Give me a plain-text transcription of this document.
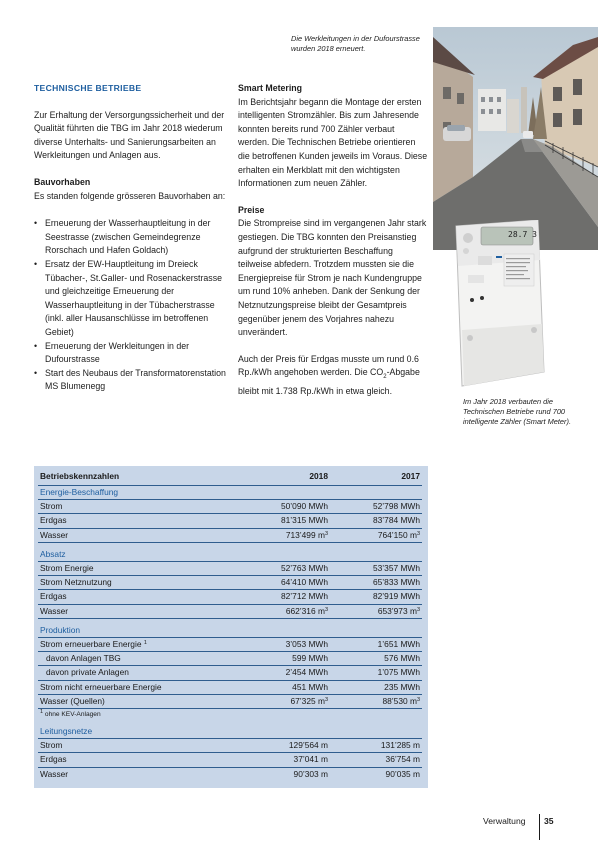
Die Werkleitungen in der Dufourstrasse wurden 2018 erneuert.
28.7 3
Im Jahr 2018 verbauten die Technischen Betriebe rund 700 intelligente Zähler (Smart Meter).
TECHNISCHE BETRIEBE

Zur Erhaltung der Versorgungssicherheit und der Qualität führten die TBG im Jahr 2018 wiederum diverse Unterhalts- und Sanierungsarbeiten an Werkleitungen und Anlagen aus.

Bauvorhaben

Es standen folgende grösseren Bauvorhaben an:

• Erneuerung der Wasserhauptleitung in der Seestrasse (zwischen Gemeindegrenze Rorschach und Hafen Goldach)
• Ersatz der EW-Hauptleitung im Dreieck Tübacher-, St.Galler- und Rosenackerstrasse und gleichzeitige Erneuerung der Wasserhauptleitung in der Tübacherstrasse (inkl. aller Hausanschlüsse im betroffenen Gebiet)
• Erneuerung der Werkleitungen in der Dufourstrasse
• Start des Neubaus der Transformatorenstation MS Blumenegg
Smart Metering

Im Berichtsjahr begann die Montage der ersten intelligenten Stromzähler. Bis zum Jahresende konnten bereits rund 700 Zähler verbaut werden. Die Technischen Betriebe orientieren die betroffenen Kunden jeweils im Voraus. Diese erhalten ein Merkblatt mit den wichtigsten Informationen zum neuen Zähler.

Preise

Die Strompreise sind im vergangenen Jahr stark gestiegen. Die TBG konnten den Preisanstieg aufgrund der strukturierten Beschaffung teilweise abfedern. Trotzdem mussten sie die Energiepreise für Strom je nach Kundengruppe um rund 10% anheben. Dank der Senkung der Netznutzungspreise bleibt der Gesamtpreis gegenüber jenem des Vorjahres nahezu unverändert.

Auch der Preis für Erdgas musste um rund 0.6 Rp./kWh angehoben werden. Die $CO_2$-Abgabe bleibt mit 1.738 Rp./kWh in etwa gleich.

Betriebskennzahlen	2018	2017
Energie-Beschaffung		
Strom	50’090 MWh	52’798 MWh
Erdgas	81’315 MWh	83’784 MWh
Wasser	713’499 $m^3$	764’150 $m^3$
Absatz		
Strom Energie	52’763 MWh	53’357 MWh
Strom Netznutzung	64’410 MWh	65’833 MWh
Erdgas	82’712 MWh	82’919 MWh
Wasser	662’316 $m^3$	653’973 $m^3$
Produktion		
Strom erneuerbare Energie $^1$	3’053 MWh	1’651 MWh
davon Anlagen TBG	599 MWh	576 MWh
davon private Anlagen	2’454 MWh	1’075 MWh
Strom nicht erneuerbare Energie	451 MWh	235 MWh
Wasser (Quellen)	67’325 $m^3$	88’530 $m^3$
$^1$ ohne KEV-Anlagen		
Leitungsnetze		
Strom	129’564 m	131’285 m
Erdgas	37’041 m	36’754 m
Wasser	90’303 m	90’035 m
Verwaltung 35
